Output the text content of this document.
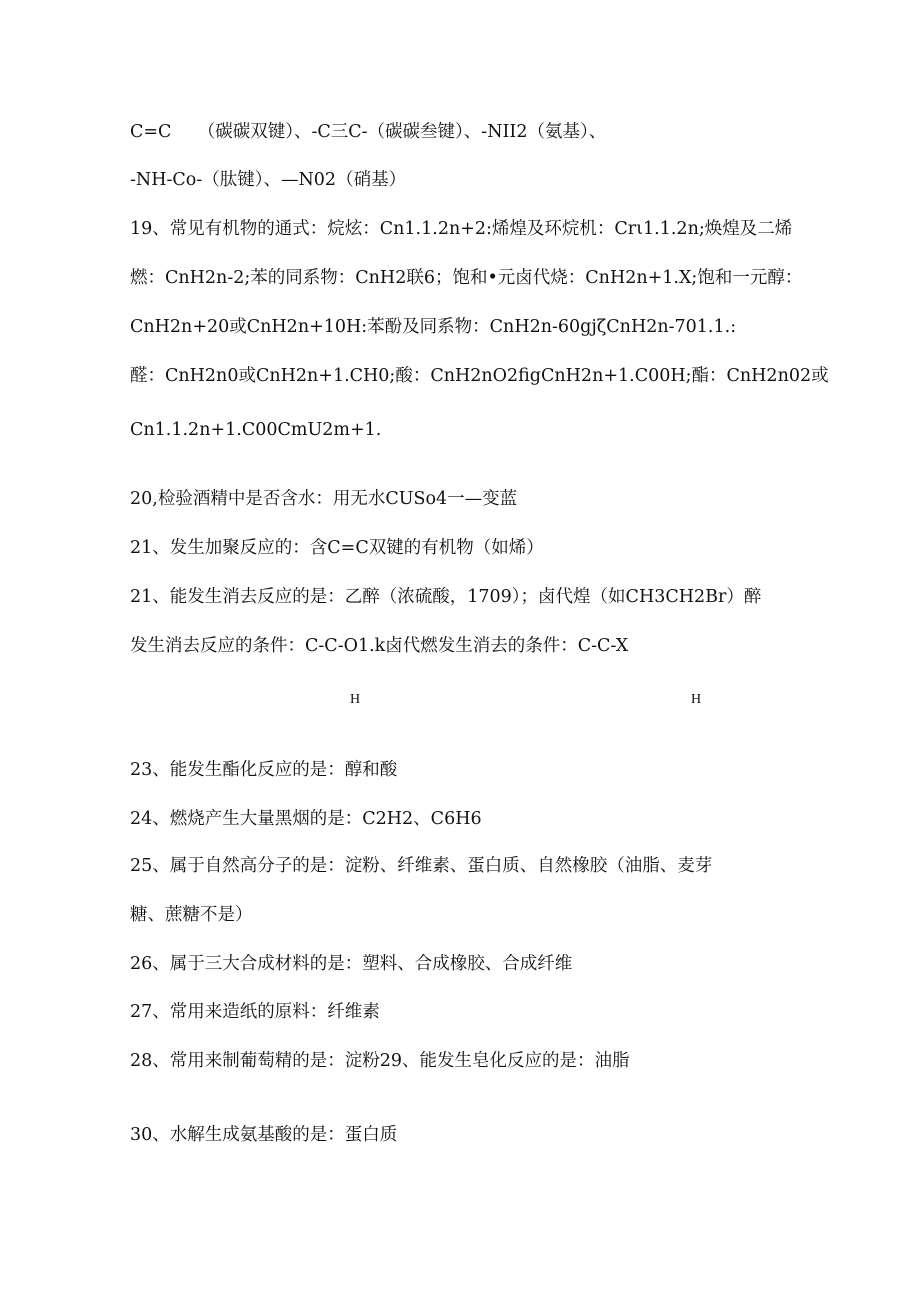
C=C　　（碳碳双键）、-C三C-（碳碳叁键）、-NII2（氨基）、
-NH-Co-（肽键）、—N02（硝基）
19、常见有机物的通式：烷炫：Cn1.1.2n+2:烯煌及环烷机：Crι1.1.2n;焕煌及二烯
燃：CnH2n-2;苯的同系物：CnH2联6；饱和•元卤代烧：CnH2n+1.X;饱和一元醇：
CnH2n+20或CnH2n+10H:苯酚及同系物：CnH2n-60gjζCnH2n-701.1.:
醛：CnH2n0或CnH2n+1.CH0;酸：CnH2nO2figCnH2n+1.C00H;酯：CnH2n02或
Cn1.1.2n+1.C00CmU2m+1.
20,检验酒精中是否含水：用无水CUSo4一—变蓝
21、发生加聚反应的：含C=C双键的有机物（如烯）
21、能发生消去反应的是：乙醉（浓硫酸，1709）；卤代煌（如CH3CH2Br）醉
发生消去反应的条件：C-C-O1.k卤代燃发生消去的条件：C-C-X
H	H
23、能发生酯化反应的是：醇和酸
24、燃烧产生大量黑烟的是：C2H2、C6H6
25、属于自然高分子的是：淀粉、纤维素、蛋白质、自然橡胶（油脂、麦芽
糖、蔗糖不是）
26、属于三大合成材料的是：塑料、合成橡胶、合成纤维
27、常用来造纸的原料：纤维素
28、常用来制葡萄精的是：淀粉29、能发生皂化反应的是：油脂
30、水解生成氨基酸的是：蛋白质
